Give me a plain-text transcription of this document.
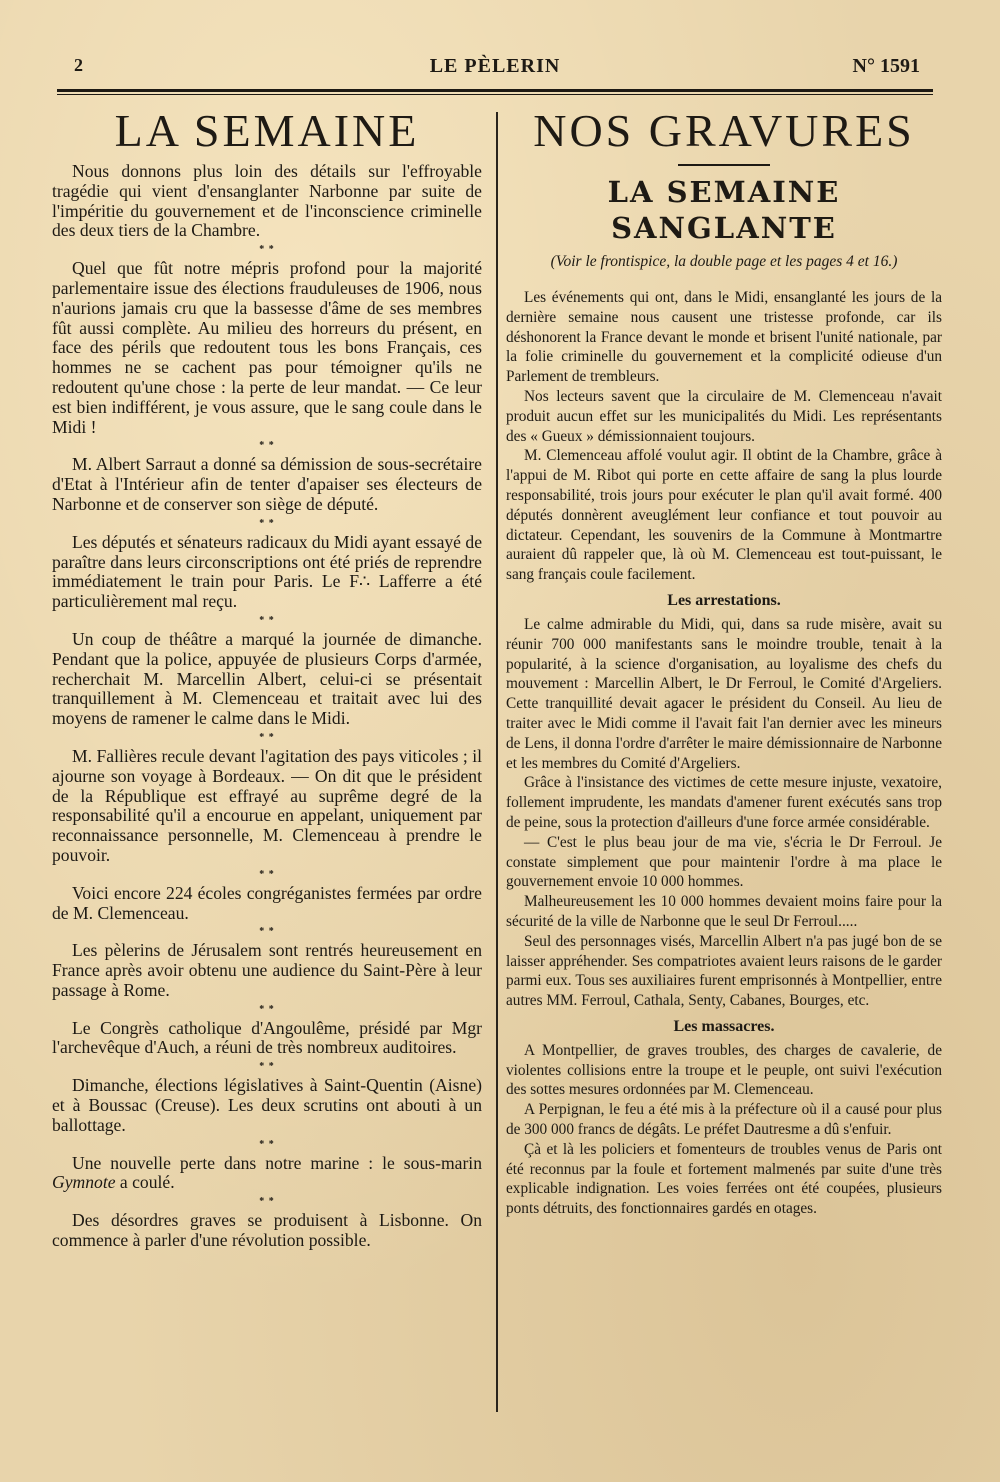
2	LE PÈLERIN	N° 1591
LA SEMAINE

Nous donnons plus loin des détails sur l'effroyable tragédie qui vient d'ensanglanter Narbonne par suite de l'impéritie du gouvernement et de l'inconscience criminelle des deux tiers de la Chambre.

* *

Quel que fût notre mépris profond pour la majorité parlementaire issue des élections frauduleuses de 1906, nous n'aurions jamais cru que la bassesse d'âme de ses membres fût aussi complète. Au milieu des horreurs du présent, en face des périls que redoutent tous les bons Français, ces hommes ne se cachent pas pour témoigner qu'ils ne redoutent qu'une chose : la perte de leur mandat. — Ce leur est bien indifférent, je vous assure, que le sang coule dans le Midi !

* *

M. Albert Sarraut a donné sa démission de sous-secrétaire d'Etat à l'Intérieur afin de tenter d'apaiser ses électeurs de Narbonne et de conserver son siège de député.

* *

Les députés et sénateurs radicaux du Midi ayant essayé de paraître dans leurs circonscriptions ont été priés de reprendre immédiatement le train pour Paris. Le F∴ Lafferre a été particulièrement mal reçu.

* *

Un coup de théâtre a marqué la journée de dimanche. Pendant que la police, appuyée de plusieurs Corps d'armée, recherchait M. Marcellin Albert, celui-ci se présentait tranquillement à M. Clemenceau et traitait avec lui des moyens de ramener le calme dans le Midi.

* *

M. Fallières recule devant l'agitation des pays viticoles ; il ajourne son voyage à Bordeaux. — On dit que le président de la République est effrayé au suprême degré de la responsabilité qu'il a encourue en appelant, uniquement par reconnaissance personnelle, M. Clemenceau à prendre le pouvoir.

* *

Voici encore 224 écoles congréganistes fermées par ordre de M. Clemenceau.

* *

Les pèlerins de Jérusalem sont rentrés heureusement en France après avoir obtenu une audience du Saint-Père à leur passage à Rome.

* *

Le Congrès catholique d'Angoulême, présidé par Mgr l'archevêque d'Auch, a réuni de très nombreux auditoires.

* *

Dimanche, élections législatives à Saint-Quentin (Aisne) et à Boussac (Creuse). Les deux scrutins ont abouti à un ballottage.

* *

Une nouvelle perte dans notre marine : le sous-marin Gymnote a coulé.

* *

Des désordres graves se produisent à Lisbonne. On commence à parler d'une révolution possible.

NOS GRAVURES
LA SEMAINE SANGLANTE
(Voir le frontispice, la double page et les pages 4 et 16.)

Les événements qui ont, dans le Midi, ensanglanté les jours de la dernière semaine nous causent une tristesse profonde, car ils déshonorent la France devant le monde et brisent l'unité nationale, par la folie criminelle du gouvernement et la complicité odieuse d'un Parlement de trembleurs.

Nos lecteurs savent que la circulaire de M. Clemenceau n'avait produit aucun effet sur les municipalités du Midi. Les représentants des « Gueux » démissionnaient toujours.

M. Clemenceau affolé voulut agir. Il obtint de la Chambre, grâce à l'appui de M. Ribot qui porte en cette affaire de sang la plus lourde responsabilité, trois jours pour exécuter le plan qu'il avait formé. 400 députés donnèrent aveuglément leur confiance et tout pouvoir au dictateur. Cependant, les souvenirs de la Commune à Montmartre auraient dû rappeler que, là où M. Clemenceau est tout-puissant, le sang français coule facilement.

Les arrestations.

Le calme admirable du Midi, qui, dans sa rude misère, avait su réunir 700 000 manifestants sans le moindre trouble, tenait à la popularité, à la science d'organisation, au loyalisme des chefs du mouvement : Marcellin Albert, le Dr Ferroul, le Comité d'Argeliers. Cette tranquillité devait agacer le président du Conseil. Au lieu de traiter avec le Midi comme il l'avait fait l'an dernier avec les mineurs de Lens, il donna l'ordre d'arrêter le maire démissionnaire de Narbonne et les membres du Comité d'Argeliers.

Grâce à l'insistance des victimes de cette mesure injuste, vexatoire, follement imprudente, les mandats d'amener furent exécutés sans trop de peine, sous la protection d'ailleurs d'une force armée considérable.

— C'est le plus beau jour de ma vie, s'écria le Dr Ferroul. Je constate simplement que pour maintenir l'ordre à ma place le gouvernement envoie 10 000 hommes.

Malheureusement les 10 000 hommes devaient moins faire pour la sécurité de la ville de Narbonne que le seul Dr Ferroul.....

Seul des personnages visés, Marcellin Albert n'a pas jugé bon de se laisser appréhender. Ses compatriotes avaient leurs raisons de le garder parmi eux. Tous ses auxiliaires furent emprisonnés à Montpellier, entre autres MM. Ferroul, Cathala, Senty, Cabanes, Bourges, etc.

Les massacres.

A Montpellier, de graves troubles, des charges de cavalerie, de violentes collisions entre la troupe et le peuple, ont suivi l'exécution des sottes mesures ordonnées par M. Clemenceau.

A Perpignan, le feu a été mis à la préfecture où il a causé pour plus de 300 000 francs de dégâts. Le préfet Dautresme a dû s'enfuir.

Çà et là les policiers et fomenteurs de troubles venus de Paris ont été reconnus par la foule et fortement malmenés par suite d'une très explicable indignation. Les voies ferrées ont été coupées, plusieurs ponts détruits, des fonctionnaires gardés en otages.
